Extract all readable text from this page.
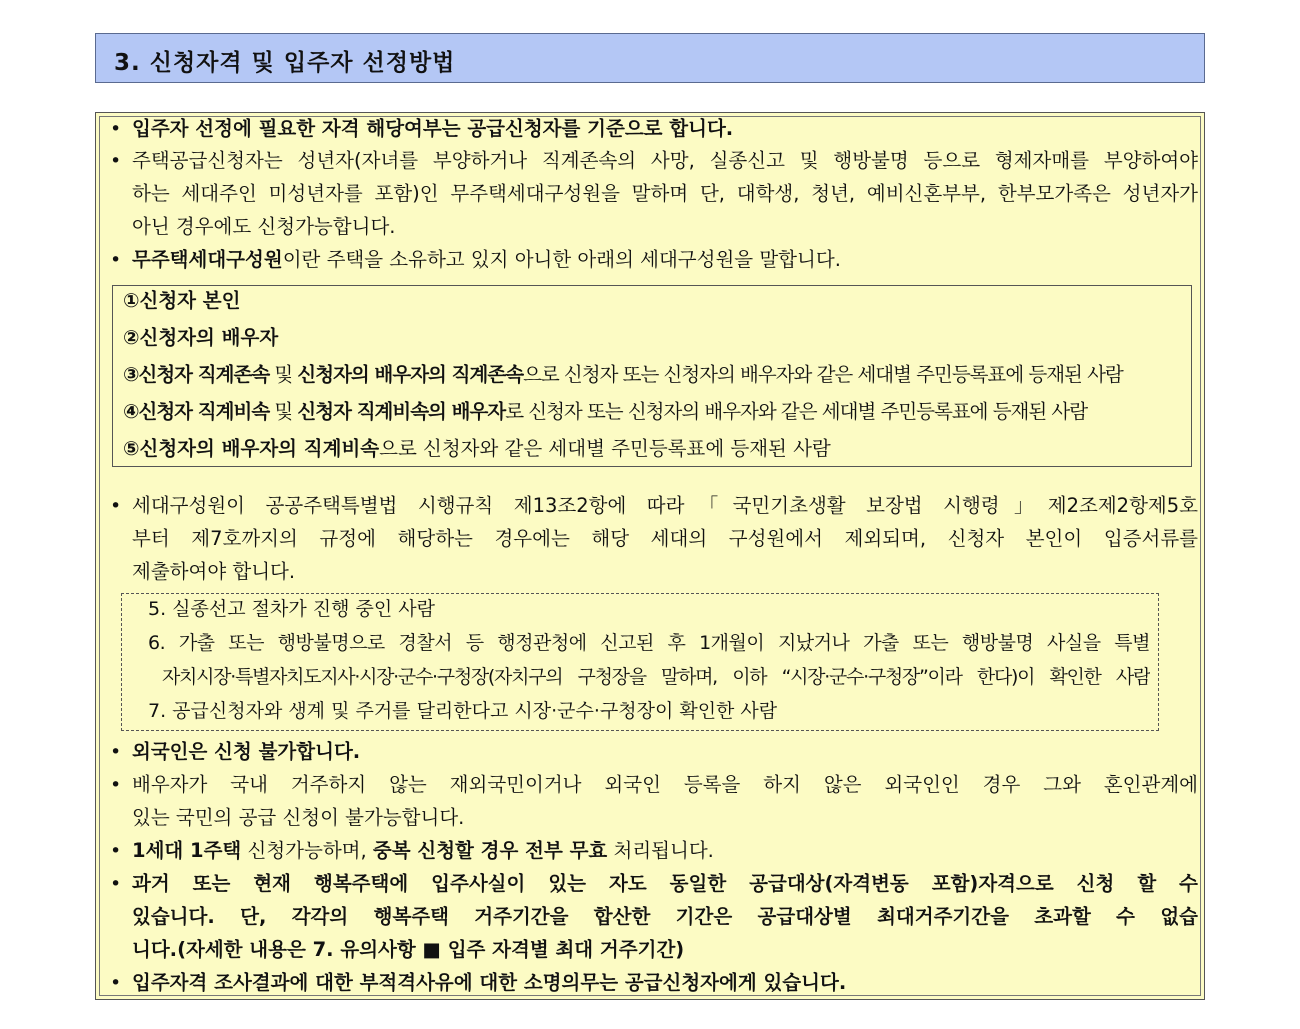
3. 신청자격 및 입주자 선정방법
• 입주자 선정에 필요한 자격 해당여부는 공급신청자를 기준으로 합니다.
• 주택공급신청자는 성년자(자녀를 부양하거나 직계존속의 사망, 실종신고 및 행방불명 등으로 형제자매를 부양하여야
하는 세대주인 미성년자를 포함)인 무주택세대구성원을 말하며 단, 대학생, 청년, 예비신혼부부, 한부모가족은 성년자가
아닌 경우에도 신청가능합니다.
• 무주택세대구성원이란 주택을 소유하고 있지 아니한 아래의 세대구성원을 말합니다.
①신청자 본인
②신청자의 배우자
③신청자 직계존속 및 신청자의 배우자의 직계존속으로 신청자 또는 신청자의 배우자와 같은 세대별 주민등록표에 등재된 사람
④신청자 직계비속 및 신청자 직계비속의 배우자로 신청자 또는 신청자의 배우자와 같은 세대별 주민등록표에 등재된 사람
⑤신청자의 배우자의 직계비속으로 신청자와 같은 세대별 주민등록표에 등재된 사람
• 세대구성원이 공공주택특별법 시행규칙 제13조2항에 따라「국민기초생활 보장법 시행령」제2조제2항제5호
부터 제7호까지의 규정에 해당하는 경우에는 해당 세대의 구성원에서 제외되며, 신청자 본인이 입증서류를
제출하여야 합니다.
5. 실종선고 절차가 진행 중인 사람
6. 가출 또는 행방불명으로 경찰서 등 행정관청에 신고된 후 1개월이 지났거나 가출 또는 행방불명 사실을 특별
자치시장·특별자치도지사·시장·군수·구청장(자치구의 구청장을 말하며, 이하 “시장·군수·구청장”이라 한다)이 확인한 사람
7. 공급신청자와 생계 및 주거를 달리한다고 시장·군수·구청장이 확인한 사람
• 외국인은 신청 불가합니다.
• 배우자가 국내 거주하지 않는 재외국민이거나 외국인 등록을 하지 않은 외국인인 경우 그와 혼인관계에
있는 국민의 공급 신청이 불가능합니다.
• 1세대 1주택 신청가능하며, 중복 신청할 경우 전부 무효 처리됩니다.
• 과거 또는 현재 행복주택에 입주사실이 있는 자도 동일한 공급대상(자격변동 포함)자격으로 신청 할 수
있습니다. 단, 각각의 행복주택 거주기간을 합산한 기간은 공급대상별 최대거주기간을 초과할 수 없습
니다.(자세한 내용은 7. 유의사항 ■ 입주 자격별 최대 거주기간)
• 입주자격 조사결과에 대한 부적격사유에 대한 소명의무는 공급신청자에게 있습니다.
